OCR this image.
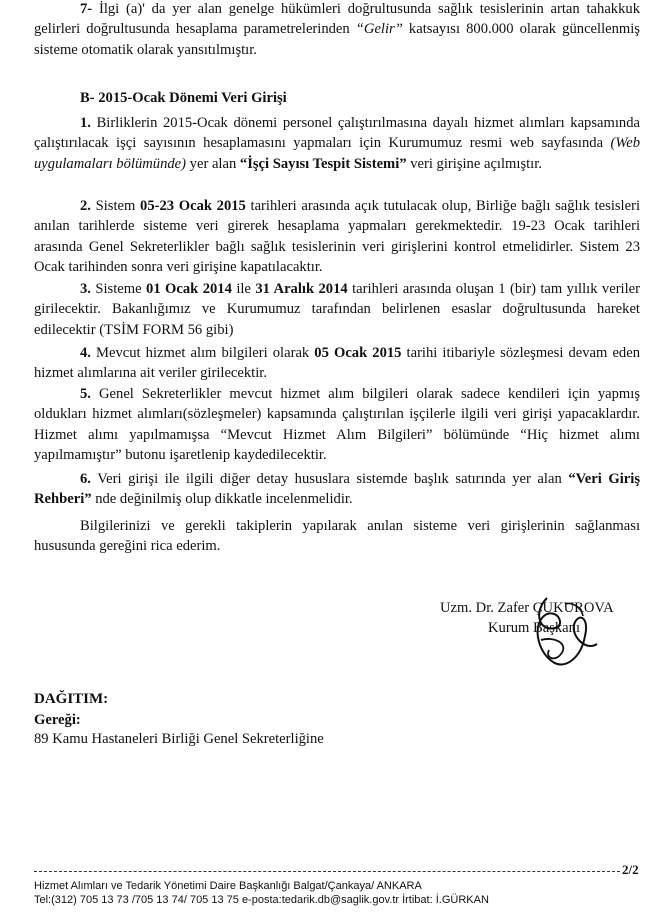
7- İlgi (a)' da yer alan genelge hükümleri doğrultusunda sağlık tesislerinin artan tahakkuk gelirleri doğrultusunda hesaplama parametrelerinden “Gelir” katsayısı 800.000 olarak güncellenmiş sisteme otomatik olarak yansıtılmıştır.

B- 2015-Ocak Dönemi Veri Girişi

1. Birliklerin 2015-Ocak dönemi personel çalıştırılmasına dayalı hizmet alımları kapsamında çalıştırılacak işçi sayısının hesaplamasını yapmaları için Kurumumuz resmi web sayfasında (Web uygulamaları bölümünde) yer alan “İşçi Sayısı Tespit Sistemi” veri girişine açılmıştır.

2. Sistem 05-23 Ocak 2015 tarihleri arasında açık tutulacak olup, Birliğe bağlı sağlık tesisleri anılan tarihlerde sisteme veri girerek hesaplama yapmaları gerekmektedir. 19-23 Ocak tarihleri arasında Genel Sekreterlikler bağlı sağlık tesislerinin veri girişlerini kontrol etmelidirler. Sistem 23 Ocak tarihinden sonra veri girişine kapatılacaktır.

3. Sisteme 01 Ocak 2014 ile 31 Aralık 2014 tarihleri arasında oluşan 1 (bir) tam yıllık veriler girilecektir. Bakanlığımız ve Kurumumuz tarafından belirlenen esaslar doğrultusunda hareket edilecektir (TSİM FORM 56 gibi)

4. Mevcut hizmet alım bilgileri olarak 05 Ocak 2015 tarihi itibariyle sözleşmesi devam eden hizmet alımlarına ait veriler girilecektir.

5. Genel Sekreterlikler mevcut hizmet alım bilgileri olarak sadece kendileri için yapmış oldukları hizmet alımları(sözleşmeler) kapsamında çalıştırılan işçilerle ilgili veri girişi yapacaklardır. Hizmet alımı yapılmamışsa “Mevcut Hizmet Alım Bilgileri” bölümünde “Hiç hizmet alımı yapılmamıştır” butonu işaretlenip kaydedilecektir.

6. Veri girişi ile ilgili diğer detay hususlara sistemde başlık satırında yer alan “Veri Giriş Rehberi” nde değinilmiş olup dikkatle incelenmelidir.

Bilgilerinizi ve gerekli takiplerin yapılarak anılan sisteme veri girişlerinin sağlanması hususunda gereğini rica ederim.

Uzm. Dr. Zafer ÇUKUROVA
Kurum Başkanı
DAĞITIM:
Gereği:
89 Kamu Hastaneleri Birliği Genel Sekreterliğine
2/2
Hizmet Alımları ve Tedarik Yönetimi Daire Başkanlığı Balgat/Çankaya/ ANKARA
Tel:(312) 705 13 73 /705 13 74/ 705 13 75 e-posta:tedarik.db@saglik.gov.tr İrtibat: İ.GÜRKAN
